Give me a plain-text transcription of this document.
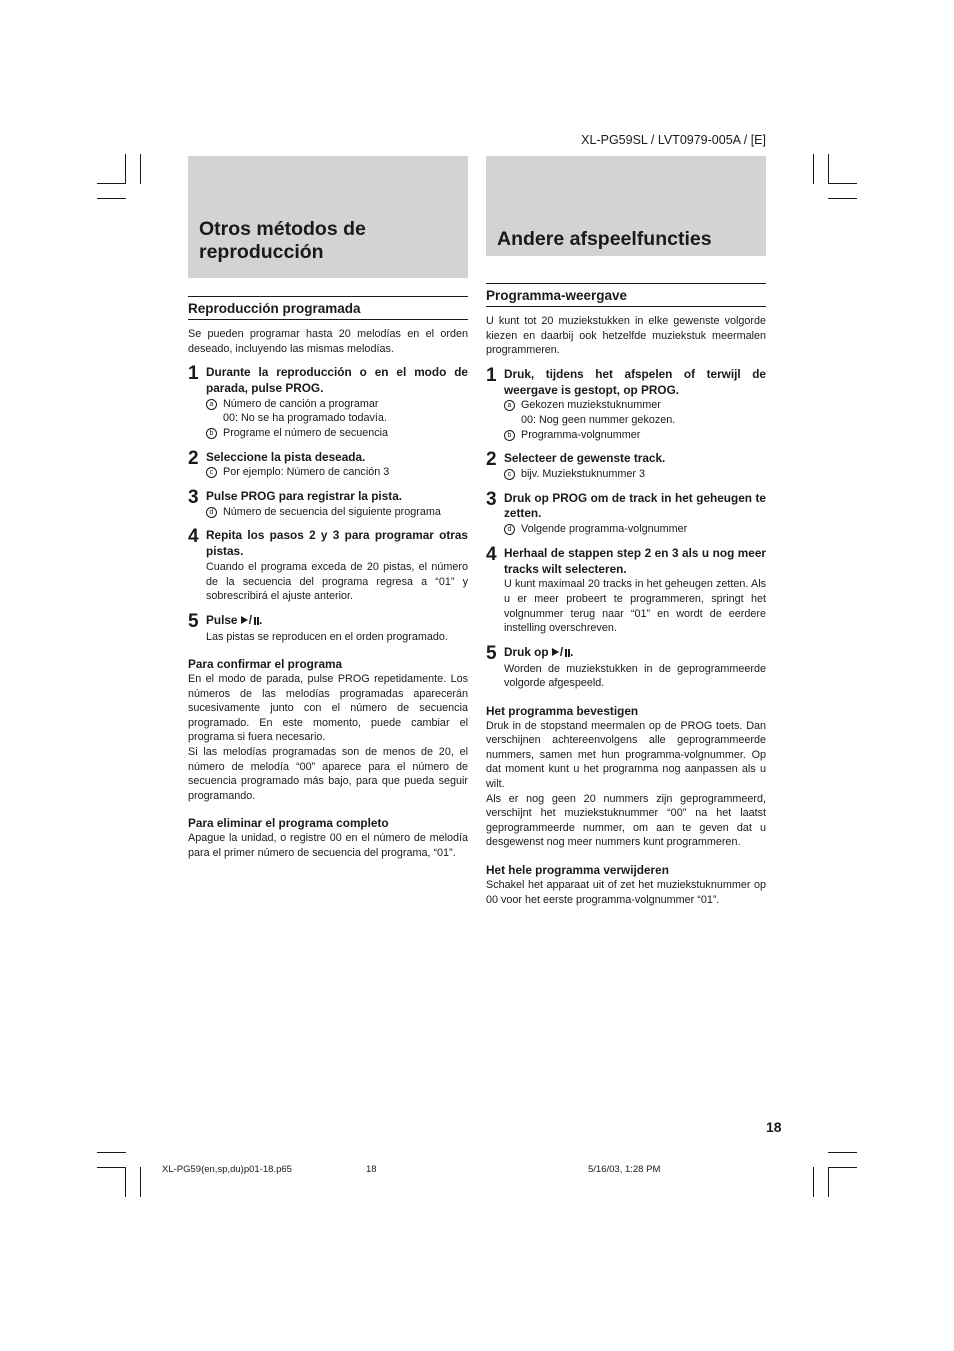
XL-PG59SL / LVT0979-005A / [E]
Otros métodos de reproducción
Reproducción programada

Se pueden programar hasta 20 melodías en el orden deseado, incluyendo las mismas melodías.

1 Durante la reproducción o en el modo de parada, pulse PROG.
a Número de canción a programar
00: No se ha programado todavía.
b Programe el número de secuencia
2 Seleccione la pista deseada.
c Por ejemplo: Número de canción 3
3 Pulse PROG para registrar la pista.
d Número de secuencia del siguiente programa
4 Repita los pasos 2 y 3 para programar otras pistas.
Cuando el programa exceda de 20 pistas, el número de la secuencia del programa regresa a “01” y sobrescribirá el ajuste anterior.
5 Pulse / .
Las pistas se reproducen en el orden programado.
Para confirmar el programa

En el modo de parada, pulse PROG repetidamente. Los números de las melodías programadas aparecerán sucesivamente junto con el número de secuencia programado. En este momento, puede cambiar el programa si fuera necesario.

Si las melodías programadas son de menos de 20, el número de melodía “00” aparece para el número de secuencia programado más bajo, para que pueda seguir programando.

Para eliminar el programa completo

Apague la unidad, o registre 00 en el número de melodía para el primer número de secuencia del programa, “01”.

Andere afspeelfuncties
Programma-weergave

U kunt tot 20 muziekstukken in elke gewenste volgorde kiezen en daarbij ook hetzelfde muziekstuk meermalen programmeren.

1 Druk, tijdens het afspelen of terwijl de weergave is gestopt, op PROG.
a Gekozen muziekstuknummer
00: Nog geen nummer gekozen.
b Programma-volgnummer
2 Selecteer de gewenste track.
c bijv. Muziekstuknummer 3
3 Druk op PROG om de track in het geheugen te zetten.
d Volgende programma-volgnummer
4 Herhaal de stappen step 2 en 3 als u nog meer tracks wilt selecteren.
U kunt maximaal 20 tracks in het geheugen zetten. Als u er meer probeert te programmeren, springt het volgnummer terug naar “01” en wordt de eerdere instelling overschreven.
5 Druk op / .
Worden de muziekstukken in de geprogrammeerde volgorde afgespeeld.
Het programma bevestigen

Druk in de stopstand meermalen op de PROG toets. Dan verschijnen achtereenvolgens alle geprogrammeerde nummers, samen met hun programma-volgnummer. Op dat moment kunt u het programma nog aanpassen als u wilt.

Als er nog geen 20 nummers zijn geprogrammeerd, verschijnt het muziekstuknummer “00” na het laatst geprogrammeerde nummer, om aan te geven dat u desgewenst nog meer nummers kunt programmeren.

Het hele programma verwijderen

Schakel het apparaat uit of zet het muziekstuknummer op 00 voor het eerste programma-volgnummer “01”.

18
XL-PG59(en,sp,du)p01-18.p65	18	5/16/03, 1:28 PM
